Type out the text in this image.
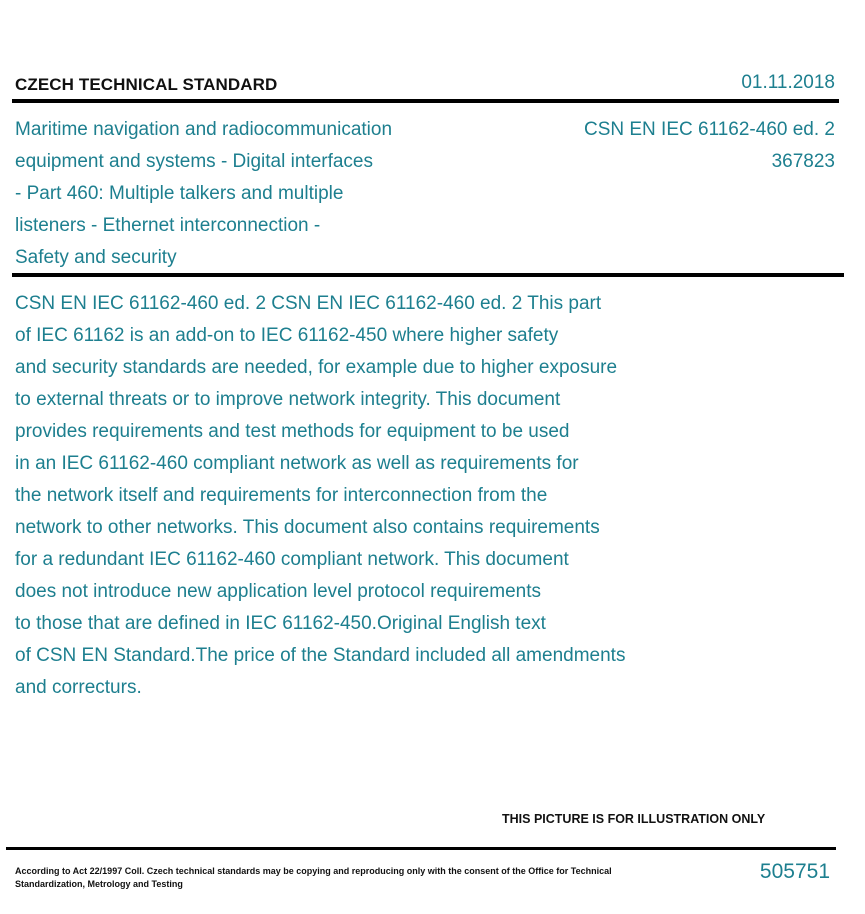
CZECH TECHNICAL STANDARD	01.11.2018
Maritime navigation and radiocommunication
equipment and systems - Digital interfaces
- Part 460: Multiple talkers and multiple
listeners - Ethernet interconnection -
Safety and security
CSN EN IEC 61162-460 ed. 2
367823
CSN EN IEC 61162-460 ed. 2 CSN EN IEC 61162-460 ed. 2 This part
of IEC 61162 is an add-on to IEC 61162-450 where higher safety
and security standards are needed, for example due to higher exposure
to external threats or to improve network integrity. This document
provides requirements and test methods for equipment to be used
in an IEC 61162-460 compliant network as well as requirements for
the network itself and requirements for interconnection from the
network to other networks. This document also contains requirements
for a redundant IEC 61162-460 compliant network. This document
does not introduce new application level protocol requirements
to those that are defined in IEC 61162-450.Original English text
of CSN EN Standard.The price of the Standard included all amendments
and correcturs.
THIS PICTURE IS FOR ILLUSTRATION ONLY
According to Act 22/1997 Coll. Czech technical standards may be copying and reproducing only with the consent of the Office for Technical Standardization, Metrology and Testing
505751
